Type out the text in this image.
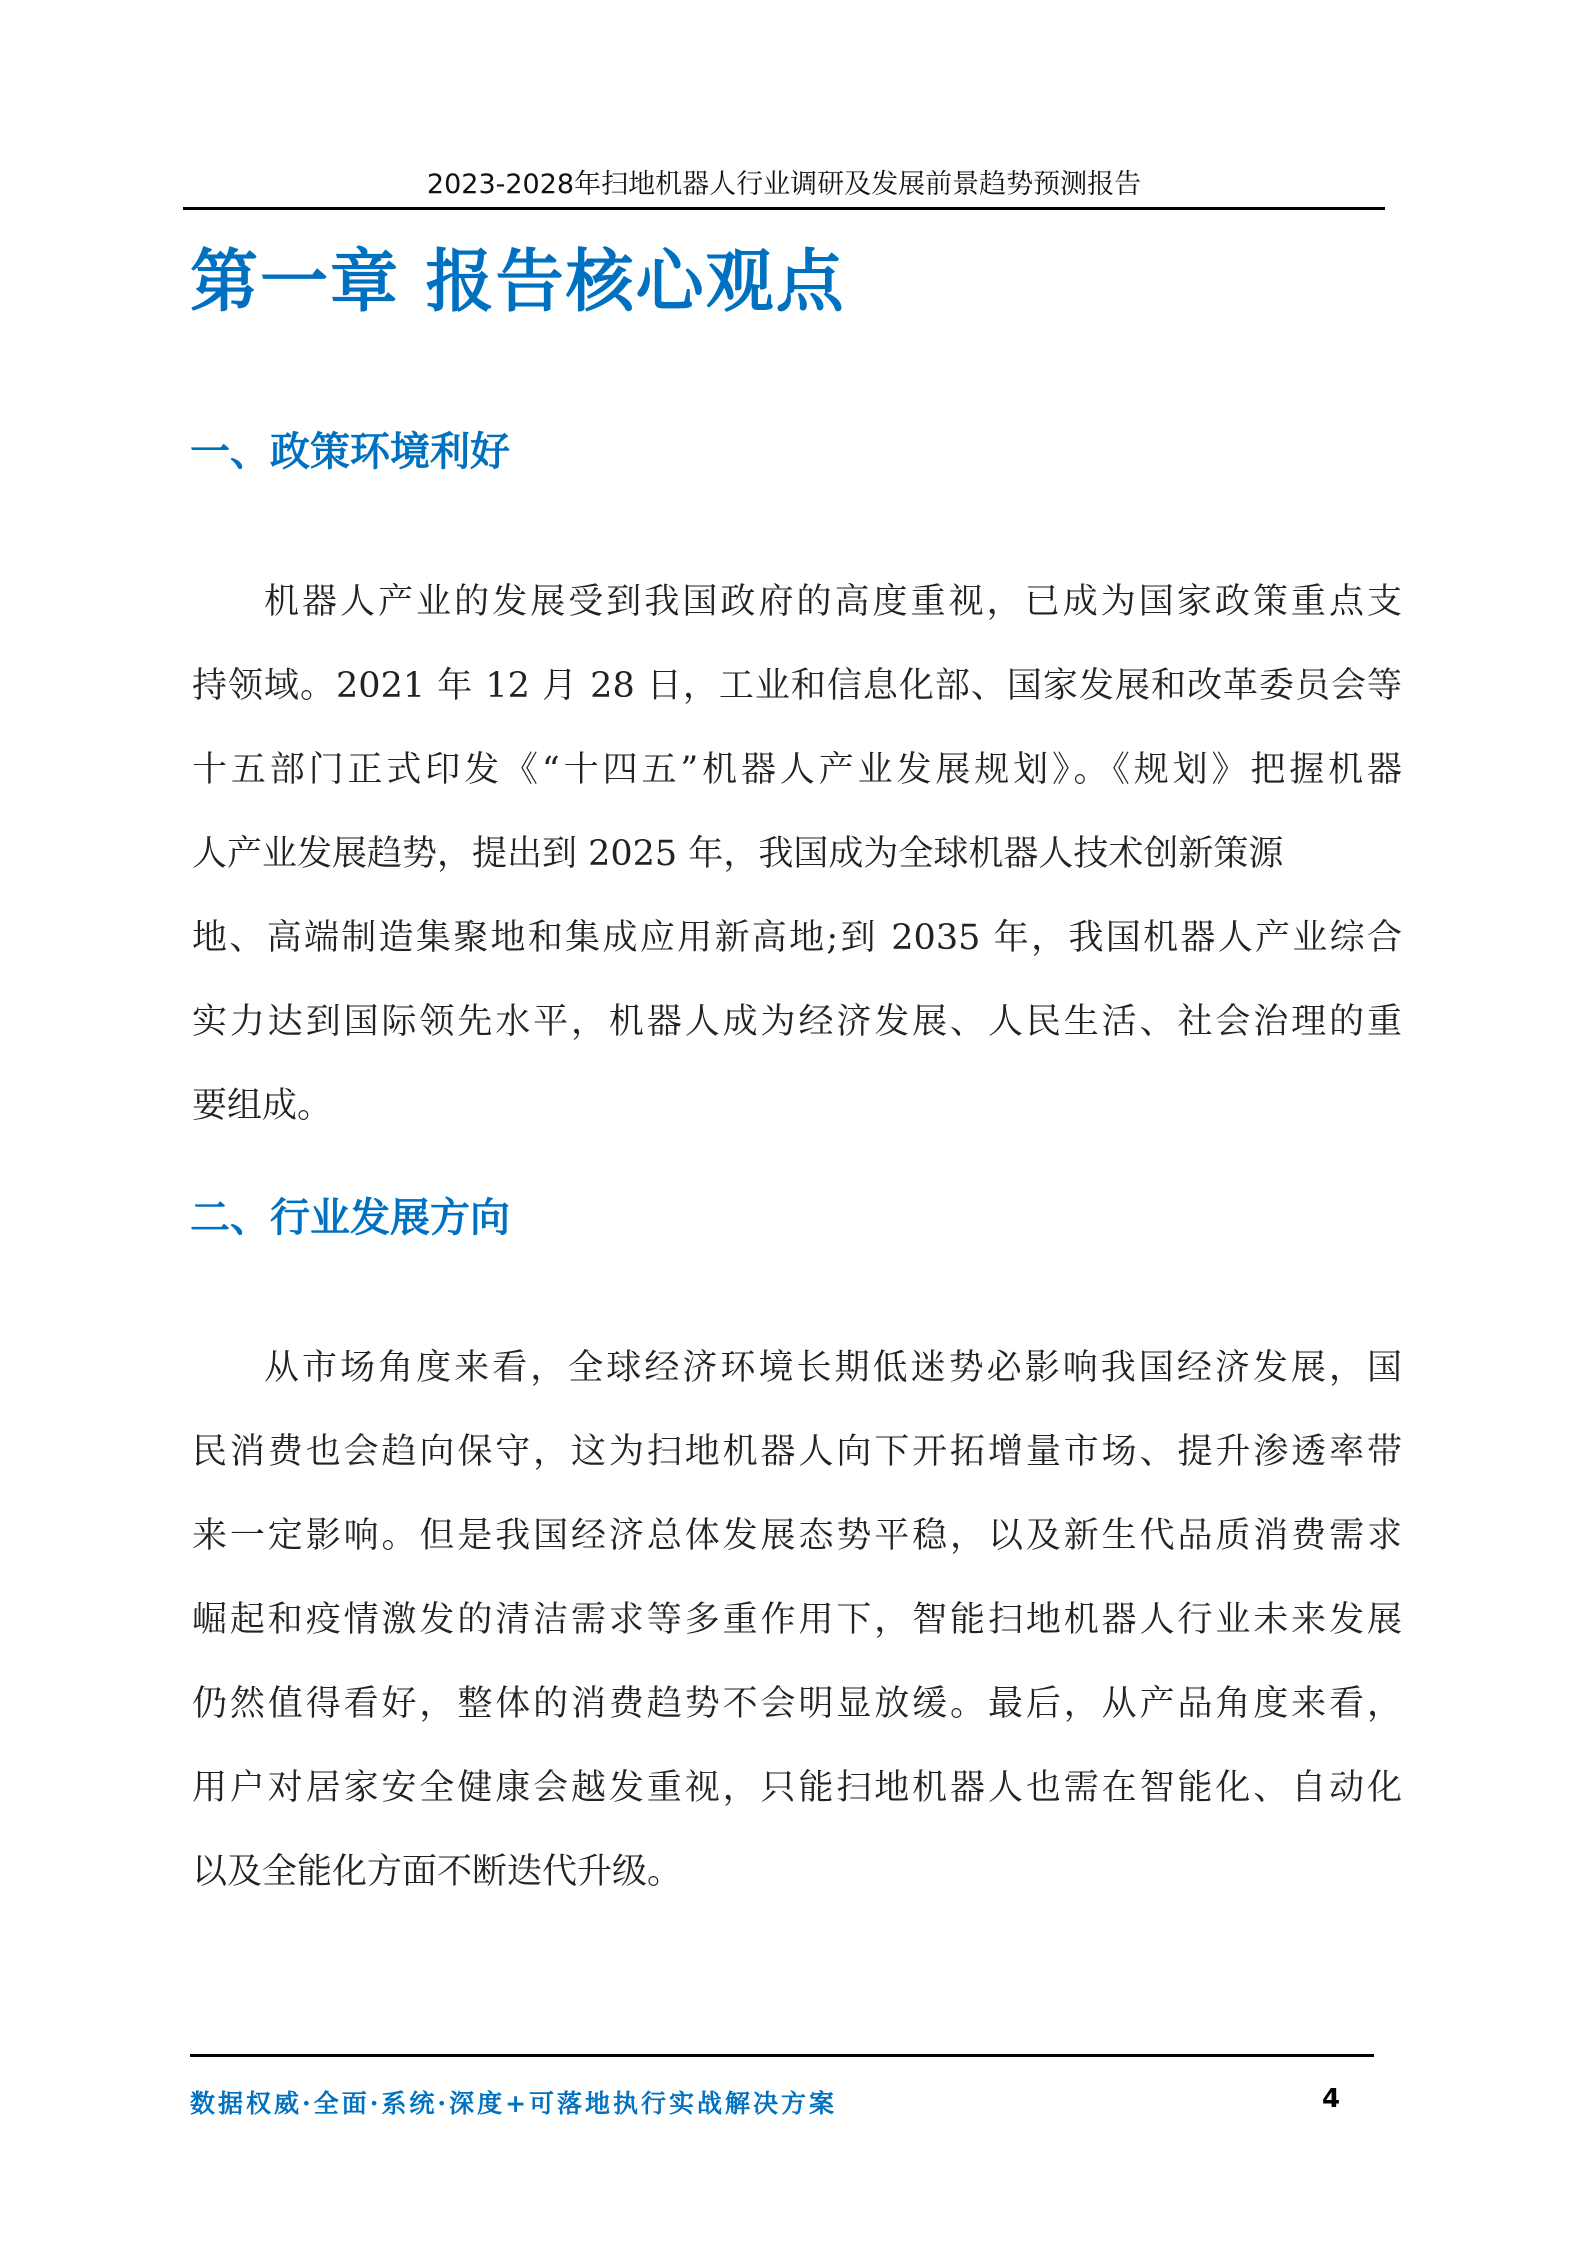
2023-2028年扫地机器人行业调研及发展前景趋势预测报告
第一章 报告核心观点
一、政策环境利好
机器人产业的发展受到我国政府的高度重视，已成为国家政策重点支
持领域。2021 年 12 月 28 日，工业和信息化部、国家发展和改革委员会等
十五部门正式印发《“十四五”机器人产业发展规划》。《规划》把握机器
人产业发展趋势，提出到 2025 年，我国成为全球机器人技术创新策源
地、高端制造集聚地和集成应用新高地;到 2035 年，我国机器人产业综合
实力达到国际领先水平，机器人成为经济发展、人民生活、社会治理的重
要组成。
二、行业发展方向
从市场角度来看，全球经济环境长期低迷势必影响我国经济发展，国
民消费也会趋向保守，这为扫地机器人向下开拓增量市场、提升渗透率带
来一定影响。但是我国经济总体发展态势平稳，以及新生代品质消费需求
崛起和疫情激发的清洁需求等多重作用下，智能扫地机器人行业未来发展
仍然值得看好，整体的消费趋势不会明显放缓。最后，从产品角度来看，
用户对居家安全健康会越发重视，只能扫地机器人也需在智能化、自动化
以及全能化方面不断迭代升级。
数据权威·全面·系统·深度+可落地执行实战解决方案	4
